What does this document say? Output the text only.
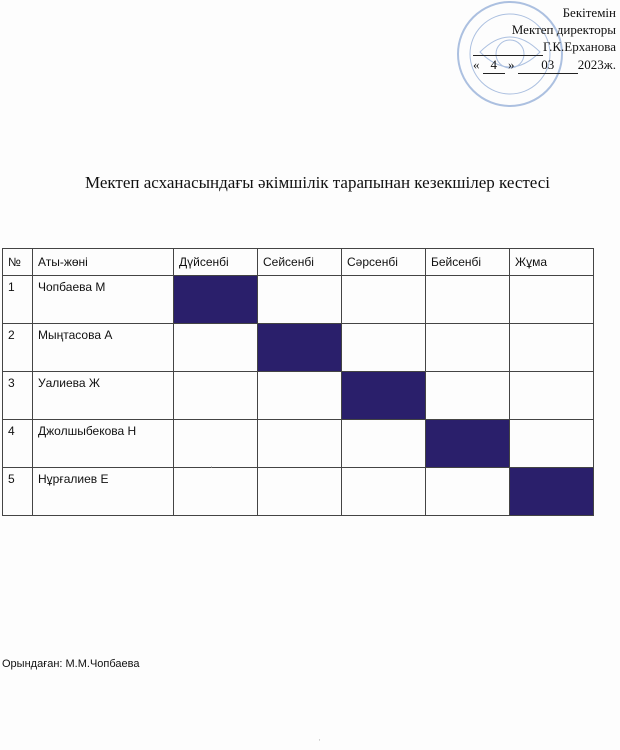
Бекітемін
Мектеп директоры
Г.К.Ерханова
« 4 » 03 2023ж.
Мектеп асханасындағы әкімшілік тарапынан кезекшілер кестесі
№	Аты-жөні	Дүйсенбі	Сейсенбі	Сәрсенбі	Бейсенбі	Жұма
1	Чопбаева М					
2	Мыңтасова А					
3	Уалиева Ж					
4	Джолшыбекова Н					
5	Нұрғалиев Е					
Орындаған: М.М.Чопбаева
·
·
